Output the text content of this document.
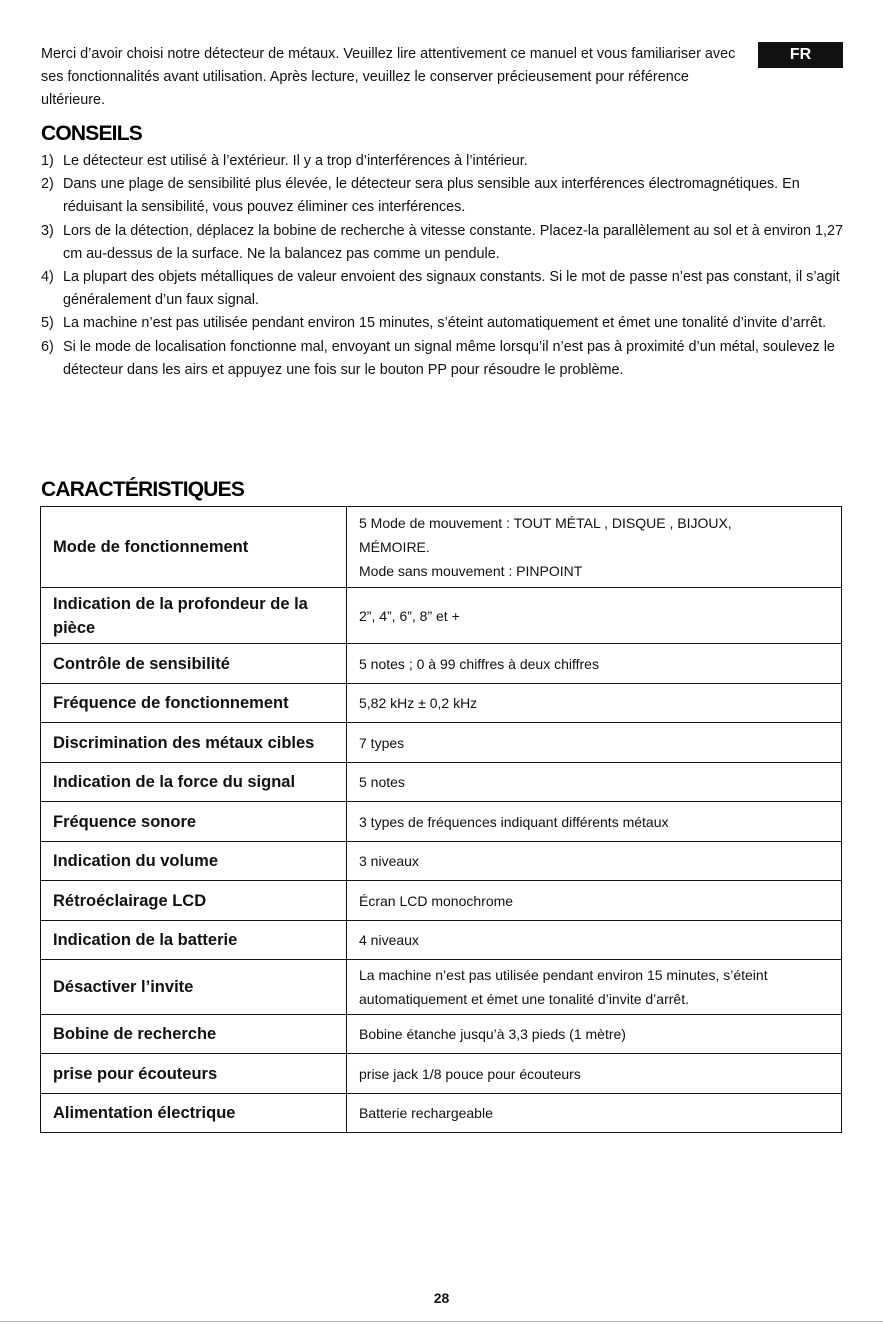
Merci d’avoir choisi notre détecteur de métaux. Veuillez lire attentivement ce manuel et vous familiariser avec ses fonctionnalités avant utilisation. Après lecture, veuillez le conserver précieusement pour référence ultérieure.
FR
CONSEILS
1) Le détecteur est utilisé à l’extérieur. Il y a trop d’interférences à l’intérieur.
2) Dans une plage de sensibilité plus élevée, le détecteur sera plus sensible aux interférences électromagnétiques. En réduisant la sensibilité, vous pouvez éliminer ces interférences.
3) Lors de la détection, déplacez la bobine de recherche à vitesse constante. Placez-la parallèlement au sol et à environ 1,27 cm au-dessus de la surface. Ne la balancez pas comme un pendule.
4) La plupart des objets métalliques de valeur envoient des signaux constants. Si le mot de passe n’est pas constant, il s’agit généralement d’un faux signal.
5) La machine n’est pas utilisée pendant environ 15 minutes, s’éteint automatiquement et émet une tonalité d’invite d’arrêt.
6) Si le mode de localisation fonctionne mal, envoyant un signal même lorsqu’il n’est pas à proximité d’un métal, soulevez le détecteur dans les airs et appuyez une fois sur le bouton PP pour résoudre le problème.
CARACTÉRISTIQUES
Mode de fonctionnement	5 Mode de mouvement : TOUT MÉTAL , DISQUE , BIJOUX,
MÉMOIRE.
Mode sans mouvement : PINPOINT

Indication de la profondeur de la pièce	2”, 4”, 6”, 8” et +

Contrôle de sensibilité	5 notes ; 0 à 99 chiffres à deux chiffres

Fréquence de fonctionnement	5,82 kHz ± 0,2 kHz

Discrimination des métaux cibles	7 types

Indication de la force du signal	5 notes

Fréquence sonore	3 types de fréquences indiquant différents métaux

Indication du volume	3 niveaux

Rétroéclairage LCD	Écran LCD monochrome

Indication de la batterie	4 niveaux

Désactiver l’invite	La machine n’est pas utilisée pendant environ 15 minutes, s’éteint
automatiquement et émet une tonalité d’invite d’arrêt.

Bobine de recherche	Bobine étanche jusqu’à 3,3 pieds (1 mètre)

prise pour écouteurs	prise jack 1/8 pouce pour écouteurs

Alimentation électrique	Batterie rechargeable
28
